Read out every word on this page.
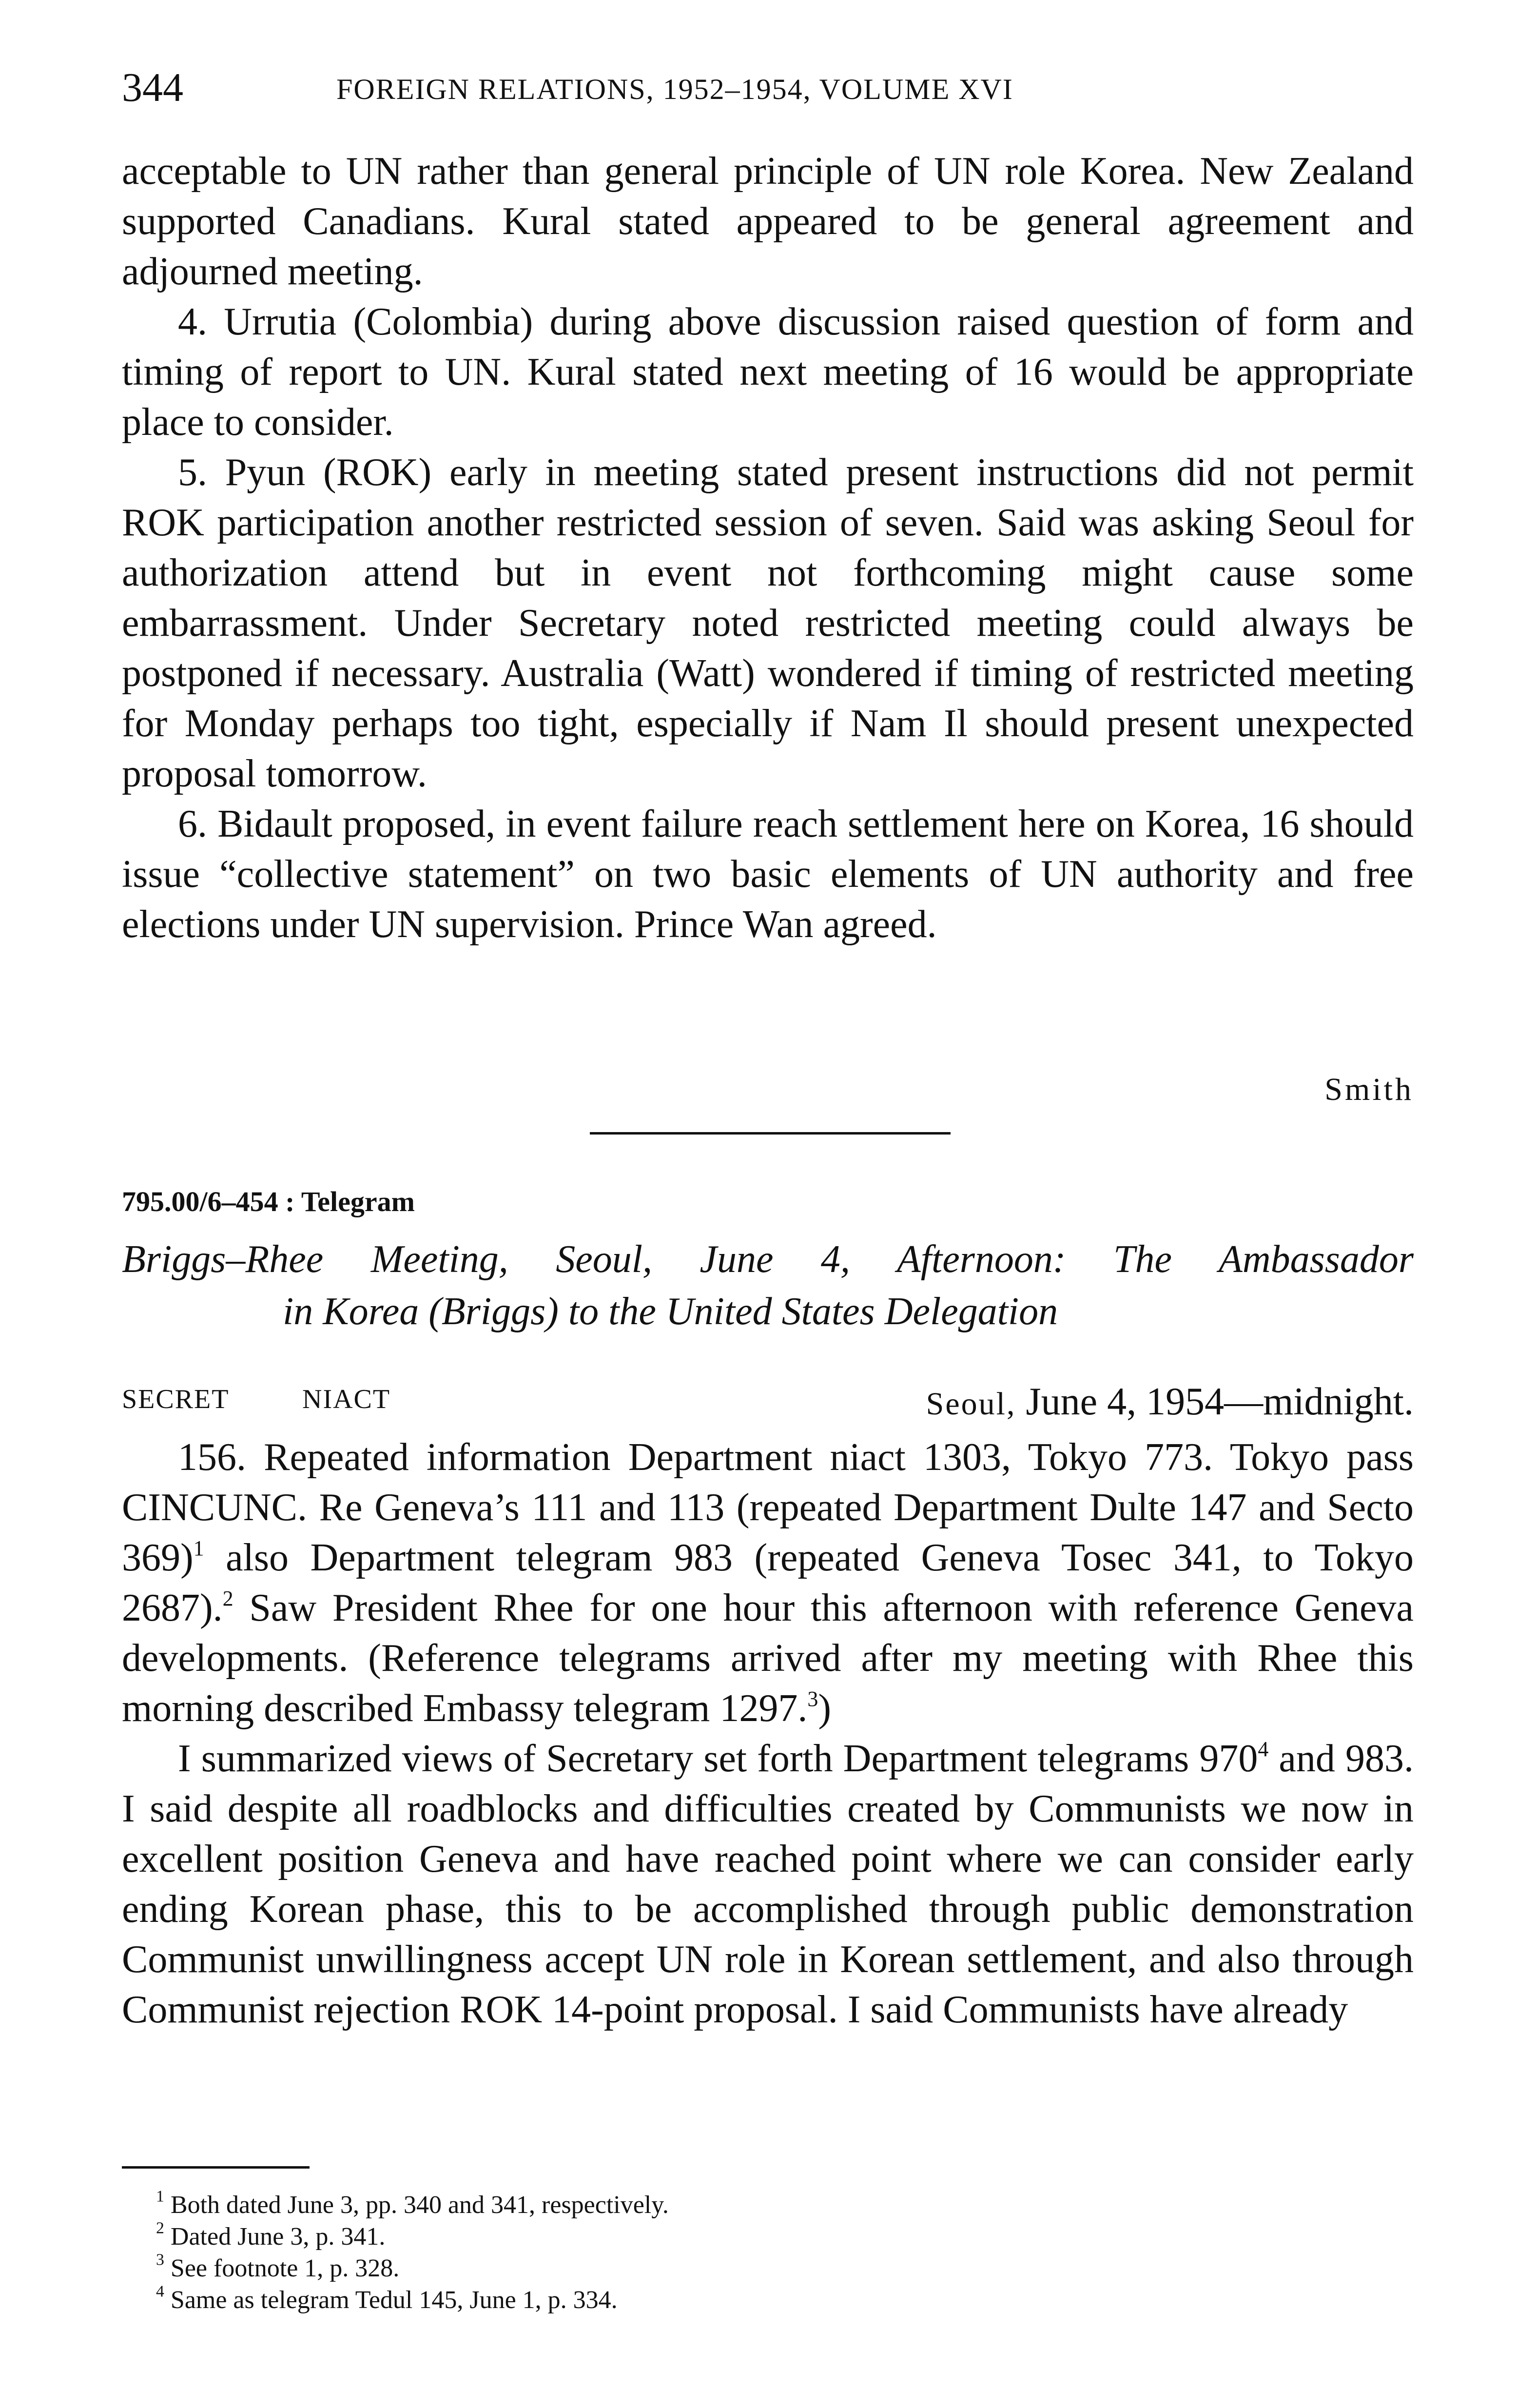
344	FOREIGN RELATIONS, 1952–1954, VOLUME XVI

acceptable to UN rather than general principle of UN role Korea. New Zealand supported Canadians. Kural stated appeared to be general agreement and adjourned meeting.

4. Urrutia (Colombia) during above discussion raised question of form and timing of report to UN. Kural stated next meeting of 16 would be appropriate place to consider.

5. Pyun (ROK) early in meeting stated present instructions did not permit ROK participation another restricted session of seven. Said was asking Seoul for authorization attend but in event not forthcoming might cause some embarrassment. Under Secretary noted restricted meeting could always be postponed if necessary. Australia (Watt) wondered if timing of restricted meeting for Monday perhaps too tight, especially if Nam Il should present unexpected proposal tomorrow.

6. Bidault proposed, in event failure reach settlement here on Korea, 16 should issue “collective statement” on two basic elements of UN authority and free elections under UN supervision. Prince Wan agreed.

Smith
795.00/6–454 : Telegram
Briggs–Rhee Meeting, Seoul, June 4, Afternoon: The Ambassador
in Korea (Briggs) to the United States Delegation
SECRET	NIACT	Seoul, June 4, 1954—midnight.

156. Repeated information Department niact 1303, Tokyo 773. Tokyo pass CINCUNC. Re Geneva’s 111 and 113 (repeated Department Dulte 147 and Secto 369)$^1$ also Department telegram 983 (repeated Geneva Tosec 341, to Tokyo 2687).$^2$ Saw President Rhee for one hour this afternoon with reference Geneva developments. (Reference telegrams arrived after my meeting with Rhee this morning described Embassy telegram 1297.$^3$)

I summarized views of Secretary set forth Department telegrams $970^4$ and 983. I said despite all roadblocks and difficulties created by Communists we now in excellent position Geneva and have reached point where we can consider early ending Korean phase, this to be accomplished through public demonstration Communist unwillingness accept UN role in Korean settlement, and also through Communist rejection ROK 14-point proposal. I said Communists have already

$^1$ Both dated June 3, pp. 340 and 341, respectively.
$^2$ Dated June 3, p. 341.
$^3$ See footnote 1, p. 328.
$^4$ Same as telegram Tedul 145, June 1, p. 334.
